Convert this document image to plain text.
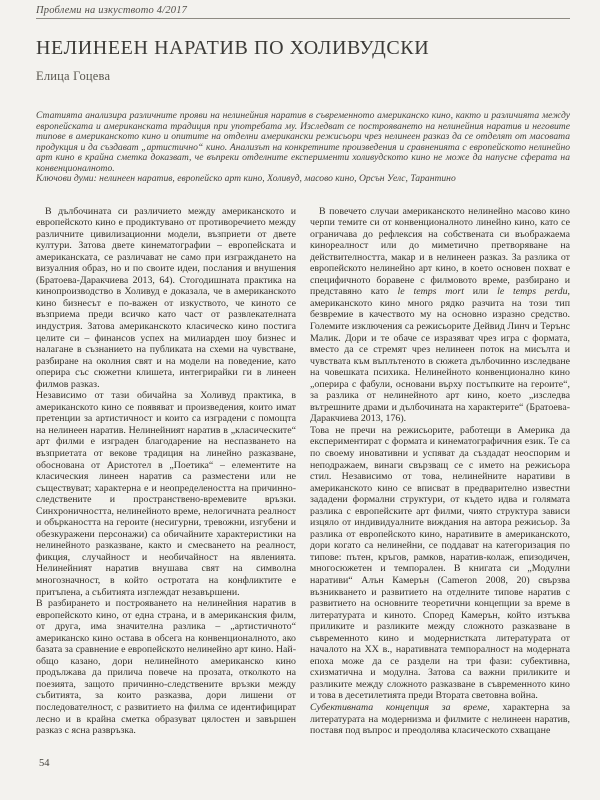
Проблеми на изкуството 4/2017
НЕЛИНЕЕН НАРАТИВ ПО ХОЛИВУДСКИ
Елица Гоцева

Статията анализира различните прояви на нелинейния наратив в съвременното американско кино, както и различията между европейската и американската традиция при употребата му. Изследват се построяването на нелинейния наратив и неговите типове в американското кино и опитите на отделни американски режисьори чрез нелинеен разказ да се отделят от масовата продукция и да създават „артистично“ кино. Анализът на конкретните произведения и сравненията с европейското нелинейно арт кино в крайна сметка доказват, че въпреки отделните експерименти холивудското кино не може да напусне сферата на конвенционалното.

Ключови думи: нелинеен наратив, европейско арт кино, Холивуд, масово кино, Орсън Уелс, Тарантино

В дълбочината си различието между американското и европейското кино е продиктувано от противоречието между различните цивилизационни модели, възприети от двете култури. Затова двете кинематографии – европейската и американската, се различават не само при изграждането на визуалния образ, но и по своите идеи, послания и внушения (Братоева-Даракчиева 2013, 64). Стогодишната практика на кинопроизводство в Холивуд е доказала, че в американското кино бизнесът е по-важен от изкуството, че киното се възприема преди всичко като част от развлекателната индустрия. Затова американското класическо кино постига целите си – финансов успех на милиарден шоу бизнес и налагане в съзнанието на публиката на схеми на чувстване, разбиране на околния свят и на модели на поведение, като оперира със сюжетни клишета, интегрирайки ги в линеен филмов разказ.

Независимо от тази обичайна за Холивуд практика, в американското кино се появяват и произведения, които имат претенции за артистичност и които са изградени с помощта на нелинеен наратив. Нелинейният наратив в „класическите“ арт филми е изграден благодарение на неспазването на възприетата от векове традиция на линейно разказване, обоснована от Аристотел в „Поетика“ – елементите на класическия линеен наратив са разместени или не съществуват; характерна е и неопределеността на причинно-следствените и пространствено-времевите връзки. Синхроничността, нелинейното време, нелогичната реалност и объркаността на героите (несигурни, тревожни, изгубени и обезкуражени персонажи) са обичайните характеристики на нелинейното разказване, както и смесването на реалност, фикция, случайност и необичайност на явленията. Нелинейният наратив внушава свят на символна многозначност, в който остротата на конфликтите е притъпена, а събитията изглеждат незавършени.

В разбирането и построяването на нелинейния наратив в европейското кино, от една страна, и в американския филм, от друга, има значителна разлика – „артистичното“ американско кино остава в обсега на конвенционалното, ако базата за сравнение е европейското нелинейно арт кино. Най-общо казано, дори нелинейното американско кино продължава да прилича повече на прозата, отколкото на поезията, защото причинно-следствените връзки между събитията, за които разказва, дори лишени от последователност, с развитието на филма се идентифицират лесно и в крайна сметка образуват цялостен и завършен разказ с ясна развръзка.

В повечето случаи американското нелинейно масово кино черпи темите си от конвенционалното линейно кино, като се ограничава до рефлексия на собствената си въображаема кинореалност или до миметично претворяване на действителността, макар и в нелинеен разказ. За разлика от европейското нелинейно арт кино, в което основен похват е специфичното боравене с филмовото време, разбирано и представяно като le temps mort или le temps perdu, американското кино много рядко разчита на този тип безвремие в качеството му на основно изразно средство. Големите изключения са режисьорите Дейвид Линч и Терънс Малик. Дори и те обаче се изразяват чрез игра с формата, вместо да се стремят чрез нелинеен поток на мисълта и чувствата към въплътеното в сюжета дълбочинно изследване на човешката психика. Нелинейното конвенционално кино „оперира с фабули, основани върху постъпките на героите“, за разлика от нелинейното арт кино, което „изследва вътрешните драми и дълбочината на характерите“ (Братоева-Даракчиева 2013, 176).

Това не пречи на режисьорите, работещи в Америка да експериментират с формата и кинематографичния език. Те са по своему иновативни и успяват да създадат неоспорим и неподражаем, винаги свързващ се с името на режисьора стил. Независимо от това, нелинейните наративи в американското кино се вписват в предварително известни зададени формални структури, от където идва и голямата разлика с европейските арт филми, чиято структура зависи изцяло от индивидуалните виждания на автора режисьор. За разлика от европейското кино, наративите в американското, дори когато са нелинейни, се поддават на категоризация по типове: пътен, кръгов, рамков, наратив-колаж, епизодичен, многосюжетен и темпорален. В книгата си „Модулни наративи“ Алън Камерън (Cameron 2008, 20) свързва възникването и развитието на отделните типове наратив с развитието на основните теоретични концепции за време в литературата и киното. Според Камерън, който изтъква приликите и разликите между сложното разказване в съвременното кино и модернистката литературата от началото на ХХ в., наративната темпоралност на модерната епоха може да се раздели на три фази: субективна, схизматична и модулна. Затова са важни приликите и разликите между сложното разказване в съвременното кино и това в десетилетията преди Втората световна война.

Субективната концепция за време, характерна за литературата на модернизма и филмите с нелинеен наратив, поставя под въпрос и преодолява класическото схващане

54
